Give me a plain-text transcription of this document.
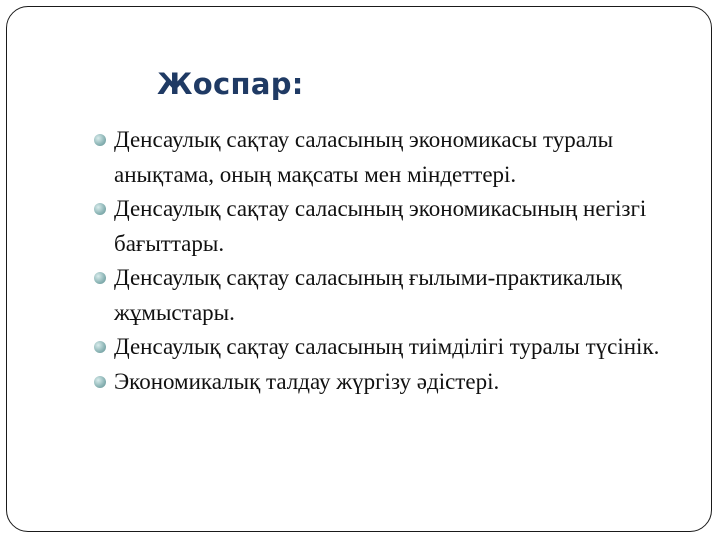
Жоспар:
Денсаулық сақтау саласының экономикасы туралы анықтама, оның мақсаты мен міндеттері.
Денсаулық сақтау саласының экономикасының негізгі бағыттары.
Денсаулық сақтау саласының ғылыми-практикалық жұмыстары.
Денсаулық сақтау саласының тиімділігі туралы түсінік.
Экономикалық талдау жүргізу әдістері.
